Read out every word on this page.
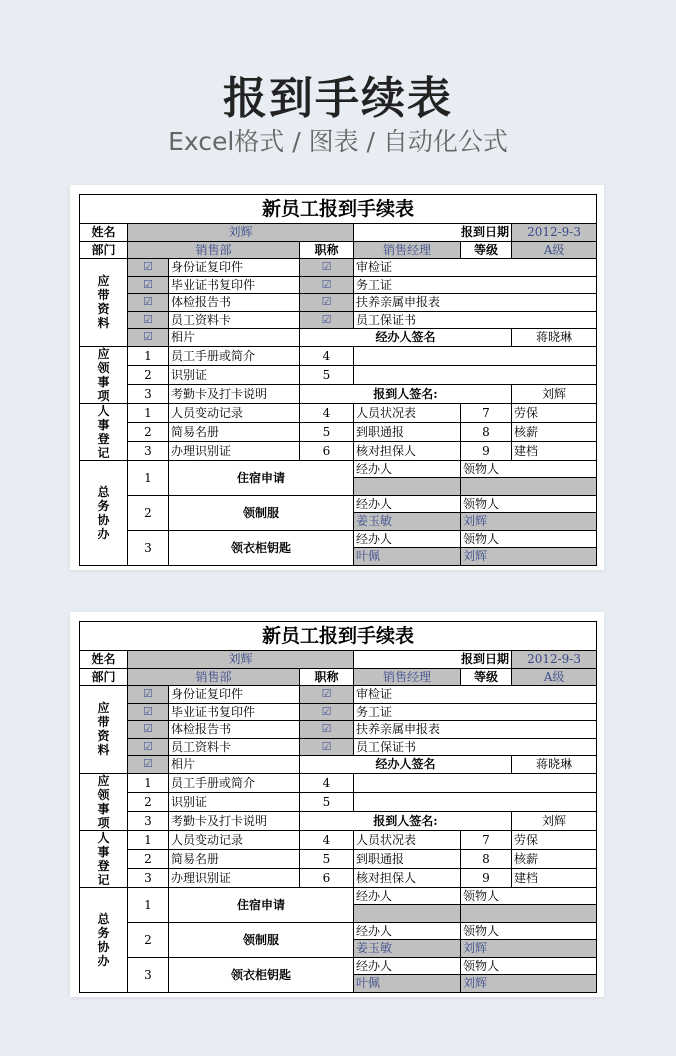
报到手续表
Excel格式 / 图表 / 自动化公式
新员工报到手续表						
姓名	刘辉			报到日期		2012-9-3
部门	销售部		职称	销售经理	等级	A级

应
带
资
料	☑	身份证复印件	☑	审检证		
	☑	毕业证书复印件	☑	务工证		
	☑	体检报告书	☑	扶养亲属申报表		
	☑	员工资料卡	☑	员工保证书		
	☑	相片	经办人签名			蒋晓琳

应
领
事
项	1	员工手册或简介	4			
	2	识别证	5			
	3	考勤卡及打卡说明	报到人签名:			刘辉

人
事
登
记	1	人员变动记录	4	人员状况表	7	劳保
	2	简易名册	5	到职通报	8	核薪
	3	办理识别证	6	核对担保人	9	建档

总
务
协
办	1	住宿申请		经办人	领物人	

	2	领制服		经办人	领物人	
				姜玉敏	刘辉	
	3	领衣柜钥匙		经办人	领物人	
				叶佩	刘辉	
新员工报到手续表						
姓名	刘辉			报到日期		2012-9-3
部门	销售部		职称	销售经理	等级	A级

应
带
资
料	☑	身份证复印件	☑	审检证		
	☑	毕业证书复印件	☑	务工证		
	☑	体检报告书	☑	扶养亲属申报表		
	☑	员工资料卡	☑	员工保证书		
	☑	相片	经办人签名			蒋晓琳

应
领
事
项	1	员工手册或简介	4			
	2	识别证	5			
	3	考勤卡及打卡说明	报到人签名:			刘辉

人
事
登
记	1	人员变动记录	4	人员状况表	7	劳保
	2	简易名册	5	到职通报	8	核薪
	3	办理识别证	6	核对担保人	9	建档

总
务
协
办	1	住宿申请		经办人	领物人	

	2	领制服		经办人	领物人	
				姜玉敏	刘辉	
	3	领衣柜钥匙		经办人	领物人	
				叶佩	刘辉	
